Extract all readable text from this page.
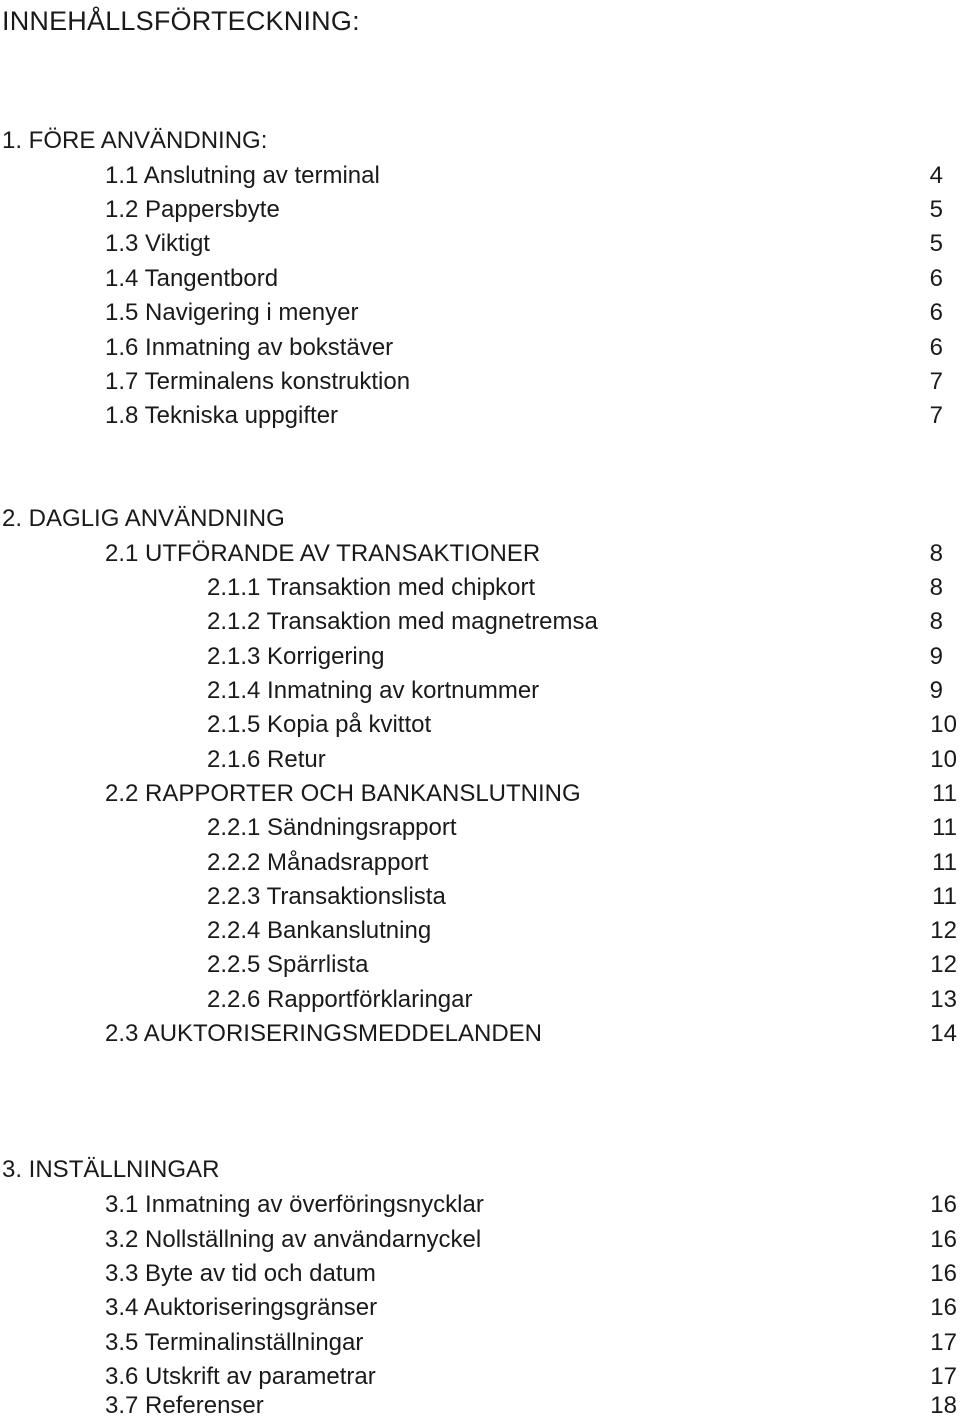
INNEHÅLLSFÖRTECKNING:
1. FÖRE ANVÄNDNING:
1.1 Anslutning av terminal	4
1.2 Pappersbyte	5
1.3 Viktigt	5
1.4 Tangentbord	6
1.5 Navigering i menyer	6
1.6 Inmatning av bokstäver	6
1.7 Terminalens konstruktion	7
1.8 Tekniska uppgifter	7
2. DAGLIG ANVÄNDNING
2.1 UTFÖRANDE AV TRANSAKTIONER	8
2.1.1 Transaktion med chipkort	8
2.1.2 Transaktion med magnetremsa	8
2.1.3 Korrigering	9
2.1.4 Inmatning av kortnummer	9
2.1.5 Kopia på kvittot	10
2.1.6 Retur	10
2.2 RAPPORTER OCH BANKANSLUTNING	11
2.2.1 Sändningsrapport	11
2.2.2 Månadsrapport	11
2.2.3 Transaktionslista	11
2.2.4 Bankanslutning	12
2.2.5 Spärrlista	12
2.2.6 Rapportförklaringar	13
2.3 AUKTORISERINGSMEDDELANDEN	14
3. INSTÄLLNINGAR
3.1 Inmatning av överföringsnycklar	16
3.2 Nollställning av användarnyckel	16
3.3 Byte av tid och datum	16
3.4 Auktoriseringsgränser	16
3.5 Terminalinställningar	17
3.6 Utskrift av parametrar	17
3.7 Referenser	18
